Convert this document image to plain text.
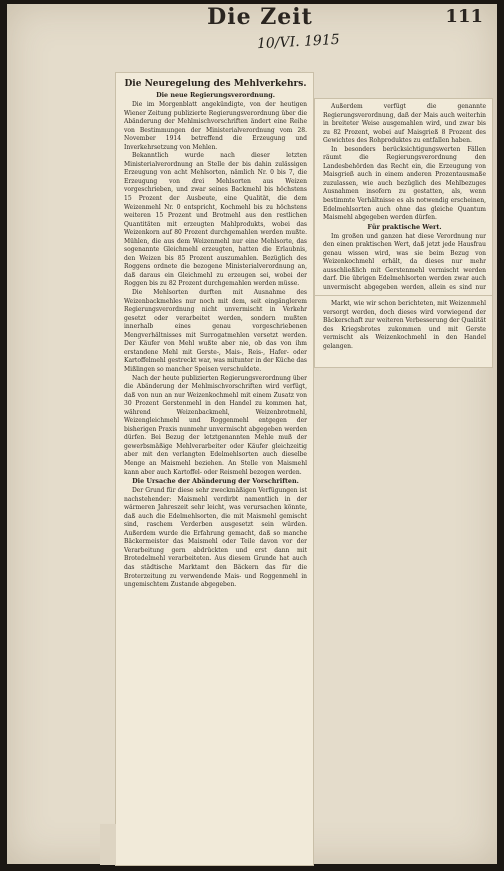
Die Zeit	111
10/VI. 1915
Die Neuregelung des Mehlverkehrs.
Die neue Regierungsverordnung.

Die im Morgenblatt angekündigte, von der heutigen Wiener Zeitung publizierte Regierungsverordnung über die Abänderung der Mehlmischvorschriften ändert eine Reihe von Bestimmungen der Ministerialverordnung vom 28. November 1914 betreffend die Erzeugung und Inverkehrsetzung von Mehlen.

Bekanntlich wurde nach dieser letzten Ministerialverordnung an Stelle der bis dahin zulässigen Erzeugung von acht Mehlsorten, nämlich Nr. 0 bis 7, die Erzeugung von drei Mehlsorten aus Weizen vorgeschrieben, und zwar seines Backmehl bis höchstens 15 Prozent der Ausbeute, eine Qualität, die dem Weizenmehl Nr. 0 entspricht, Kochmehl bis zu höchstens weiteren 15 Prozent und Brotmehl aus den restlichen Quantitäten mit erzeugten Mahlprodukts, wobei das Weizenkorn auf 80 Prozent durchgemahlen werden mußte. Mühlen, die aus dem Weizenmehl nur eine Mehlsorte, das sogenannte Gleichmehl erzeugten, hatten die Erlaubnis, den Weizen bis 85 Prozent auszumahlen. Bezüglich des Roggens ordnete die bezogene Ministerialverordnung an, daß daraus ein Gleichmehl zu erzeugen sei, wobei der Roggen bis zu 82 Prozent durchgemahlen werden müsse.

Die Mehlsorten durften mit Ausnahme des Weizenbackmehles nur noch mit dem, seit eingänglerem Regierungsverordnung nicht unvermischt in Verkehr gesetzt oder verarbeitet werden, sondern mußten innerhalb eines genau vorgeschriebenen Mengverhältnisses mit Surrogatmehlen versetzt werden. Der Käufer von Mehl wußte aber nie, ob das von ihm erstandene Mehl mit Gerste-, Mais-, Reis-, Hafer- oder Kartoffelmehl gestreckt war, was mitunter in der Küche das Mißlingen so mancher Speisen verschuldete.

Nach der heute publizierten Regierungsverordnung über die Abänderung der Mehlmischvorschriften wird verfügt, daß von nun an nur Weizenkochmehl mit einem Zusatz von 30 Prozent Gerstenmehl in den Handel zu kommen hat, während Weizenbackmehl, Weizenbrotmehl, Weizengleichmehl und Roggenmehl entgegen der bisherigen Praxis nunmehr unvermischt abgegeben werden dürfen. Bei Bezug der letztgenannten Mehle muß der gewerbsmäßige Mehlverarbeiter oder Käufer gleichzeitig aber mit den verlangten Edelmehlsorten auch dieselbe Menge an Maismehl beziehen. An Stelle von Maismehl kann aber auch Kartoffel- oder Reismehl bezogen werden.

Die Ursache der Abänderung der Vorschriften.

Der Grund für diese sehr zweckmäßigen Verfügungen ist nachstehender: Maismehl verdirbt namentlich in der wärmeren Jahreszeit sehr leicht, was verursachen könnte, daß auch die Edelmehlsorten, die mit Maismehl gemischt sind, raschem Verderben ausgesetzt sein würden. Außerdem wurde die Erfahrung gemacht, daß so manche Bäckermeister das Maismehl oder Teile davon vor der Verarbeitung gern abdrückten und erst dann mit Brotedelmehl verarbeiteten. Aus diesem Grunde hat auch das städtische Marktamt den Bäckern das für die Broterzeitung zu verwendende Mais- und Roggenmehl in ungemischtem Zustande abgegeben.

Außerdem verfügt die genannte Regierungsverordnung, daß der Mais auch weiterhin in breiteter Weise ausgemahlen wird, und zwar bis zu 82 Prozent, wobei auf Maisgrieß 8 Prozent des Gewichtes des Rohproduktes zu entfallen haben.

In besonders berücksichtigungswerten Fällen räumt die Regierungsverordnung den Landesbehörden das Recht ein, die Erzeugung von Maisgrieß auch in einem anderen Prozentausmaße zuzulassen, wie auch bezüglich des Mehlbezuges Ausnahmen insofern zu gestatten, als, wenn bestimmte Verhältnisse es als notwendig erscheinen, Edelmehlsorten auch ohne das gleiche Quantum Maismehl abgegeben werden dürfen.

Für praktische Wert.

Im großen und ganzen hat diese Verordnung nur den einen praktischen Wert, daß jetzt jede Hausfrau genau wissen wird, was sie beim Bezug von Weizenkochmehl erhält, da dieses nur mehr ausschließlich mit Gerstenmehl vermischt werden darf. Die übrigen Edelmehlsorten werden zwar auch unvermischt abgegeben werden, allein es sind nur

Markt, wie wir schon berichteten, mit Weizenmehl versorgt werden, doch dieses wird vorwiegend der Bäckerschaft zur weiteren Verbesserung der Qualität des Kriegsbrotes zukommen und mit Gerste vermischt als Weizenkochmehl in den Handel gelangen.
